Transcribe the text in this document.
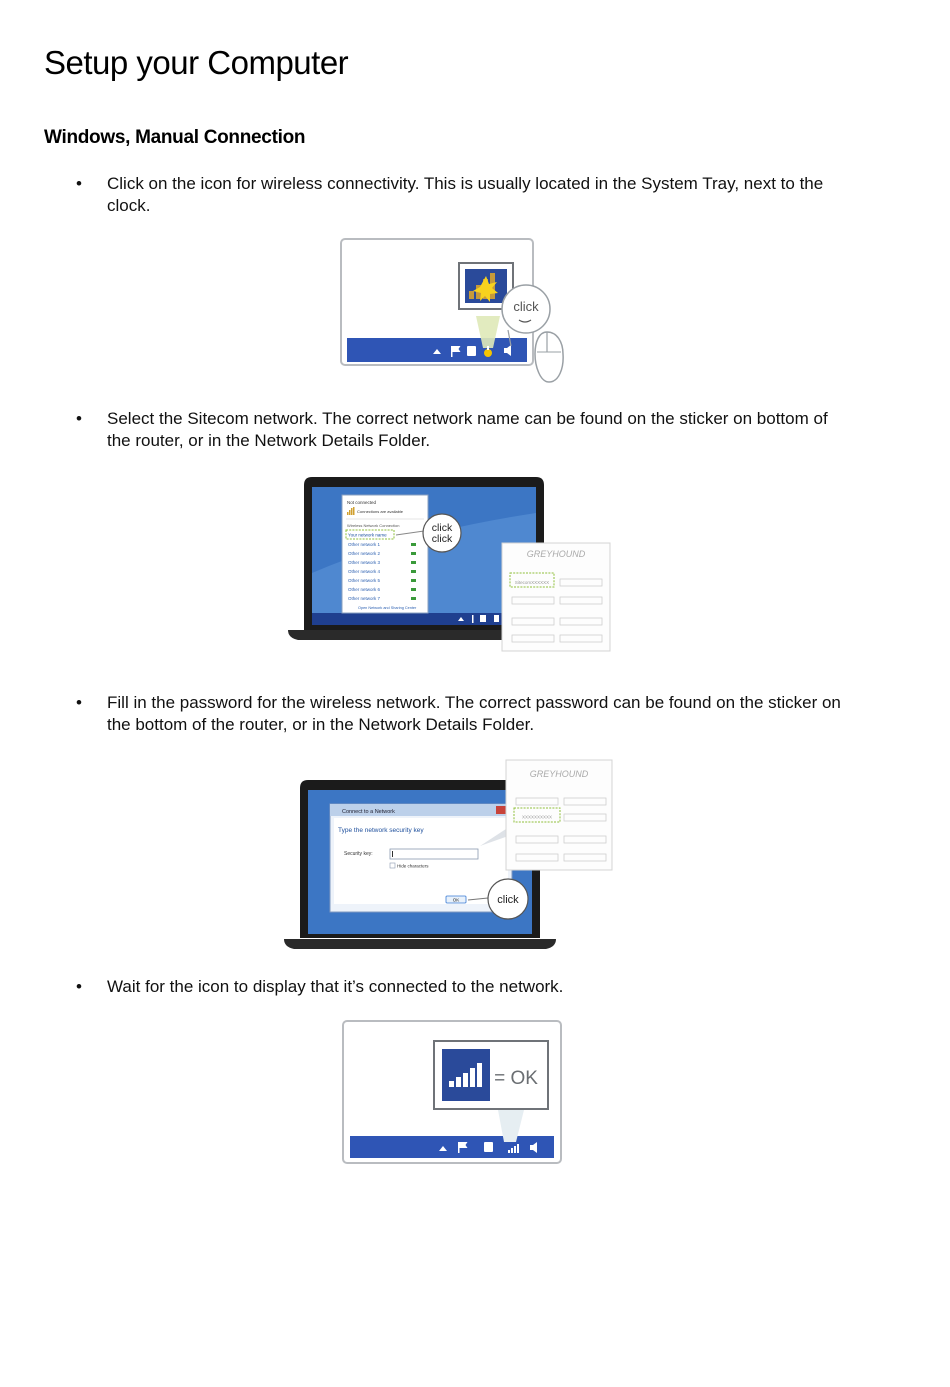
Setup your Computer
Windows, Manual Connection
• Click on the icon for wireless connectivity. This is usually located in the System Tray, next to the clock.
click
• Select the Sitecom network. The correct network name can be found on the sticker on bottom of the router, or in the Network Details Folder.
Not connected
Connections are available
Wireless Network Connection
Your network name
Other network 1
Other network 2
Other network 3
Other network 4
Other network 5
Other network 6
Other network 7
Open Network and Sharing Center
click
click
GREYHOUND
SitecomXXXXXX
• Fill in the password for the wireless network. The correct password can be found on the sticker on the bottom of the router, or in the Network Details Folder.
Connect to a Network
Type the network security key
Security key:
Hide characters
OK	click
GREYHOUND
XXXXXXXXXX
• Wait for the icon to display that it’s connected to the network.
= OK
